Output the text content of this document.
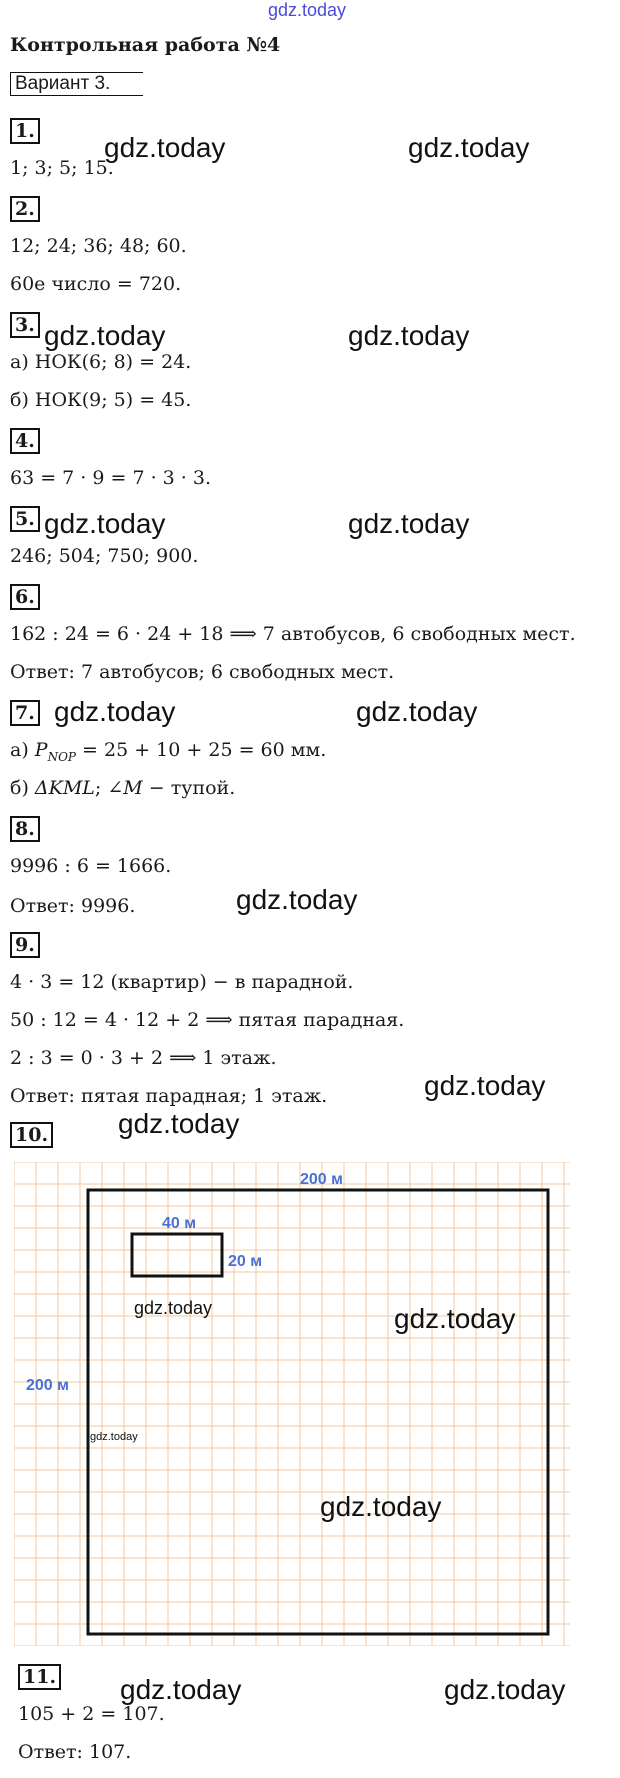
gdz.today
Контрольная работа №4
Вариант 3.
1.
gdz.today	gdz.today
1; 3; 5; 15.
2.
12; 24; 36; 48; 60.
60е число = 720.
3. gdz.today	gdz.today
а) НОК(6; 8) = 24.
б) НОК(9; 5) = 45.
4.
63 = 7 · 9 = 7 · 3 · 3.
5. gdz.today	gdz.today
246; 504; 750; 900.
6.
162 : 24 = 6 · 24 + 18 ⟹ 7 автобусов, 6 свободных мест.
Ответ: 7 автобусов; 6 свободных мест.
7. gdz.today	gdz.today
а) $P_{NOP} = 25 + 10 + 25 = 60$ мм.
б) ΔKML; ∠M − тупой.
8.
9996 : 6 = 1666.
Ответ: 9996.	gdz.today
9.
4 · 3 = 12 (квартир) − в парадной.
50 : 12 = 4 · 12 + 2 ⟹ пятая парадная.
2 : 3 = 0 · 3 + 2 ⟹ 1 этаж.
Ответ: пятая парадная; 1 этаж.	gdz.today
10. gdz.today
200 м
200 м
40 м
20 м
gdz.today	gdz.today
gdz.today
gdz.today
11. gdz.today	gdz.today
105 + 2 = 107.
Ответ: 107.
